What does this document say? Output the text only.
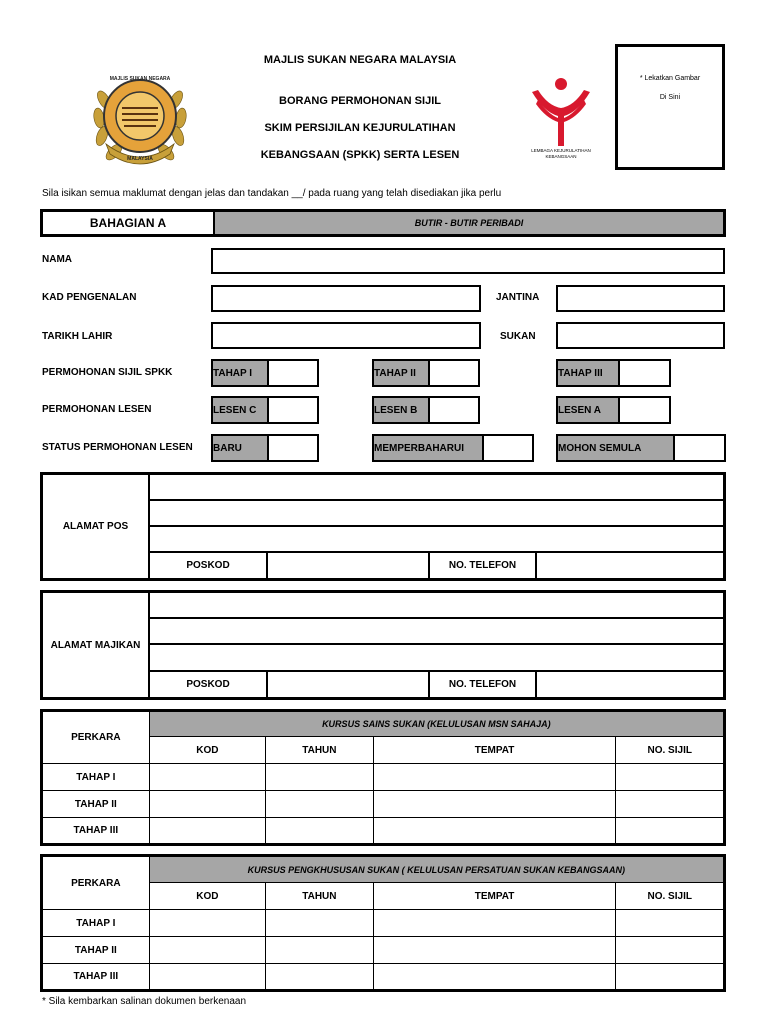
MAJLIS SUKAN NEGARA
MALAYSIA
MAJLIS SUKAN NEGARA MALAYSIA
BORANG PERMOHONAN SIJIL
SKIM PERSIJILAN KEJURULATIHAN
KEBANGSAAN (SPKK) SERTA LESEN	LEMBAGA KEJURULATIHAN
KEBANGSAAN
* Lekatkan Gambar
Di Sini
Sila isikan semua maklumat dengan jelas dan tandakan __/ pada ruang yang telah disediakan jika perlu
BAHAGIAN A	BUTIR - BUTIR PERIBADI
NAMA
KAD PENGENALAN	JANTINA
TARIKH LAHIR	SUKAN
PERMOHONAN SIJIL SPKK	TAHAP I	TAHAP II	TAHAP III
PERMOHONAN LESEN	LESEN C	LESEN B	LESEN A
STATUS PERMOHONAN LESEN BARU	MEMPERBAHARUI	MOHON SEMULA
ALAMAT POS
POSKOD	NO. TELEFON
ALAMAT MAJIKAN
POSKOD	NO. TELEFON
PERKARA	KURSUS SAINS SUKAN (KELULUSAN MSN SAHAJA)			
	KOD	TAHUN	TEMPAT	NO. SIJIL
TAHAP I				
TAHAP II				
TAHAP III				
PERKARA	KURSUS PENGKHUSUSAN SUKAN ( KELULUSAN PERSATUAN SUKAN KEBANGSAAN)			
	KOD	TAHUN	TEMPAT	NO. SIJIL
TAHAP I				
TAHAP II				
TAHAP III				
* Sila kembarkan salinan dokumen berkenaan
